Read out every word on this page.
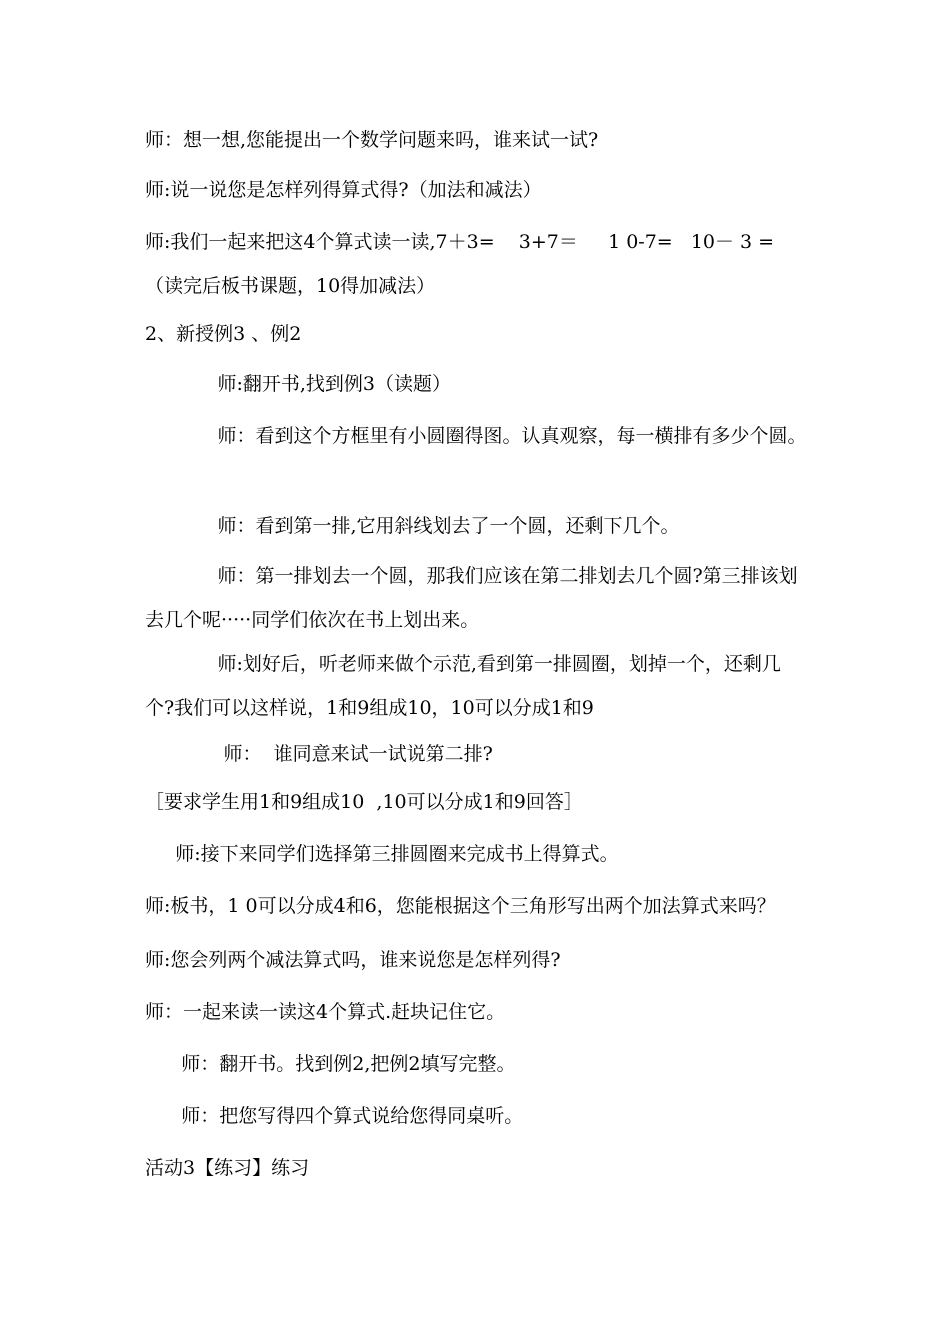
师：想一想,您能提出一个数学问题来吗，谁来试一试?

师:说一说您是怎样列得算式得?（加法和减法）

师:我们一起来把这4个算式读一读,7＋3=    3+7＝     1 0-7=   10－ 3 =（读完后板书课题，10得加减法）

2、新授例3 、例2

师:翻开书,找到例3（读题）

师：看到这个方框里有小圆圈得图。认真观察，每一横排有多少个圆。

师：看到第一排,它用斜线划去了一个圆，还剩下几个。

师：第一排划去一个圆，那我们应该在第二排划去几个圆?第三排该划去几个呢·····同学们依次在书上划出来。

师:划好后，听老师来做个示范,看到第一排圆圈，划掉一个，还剩几个?我们可以这样说，1和9组成10，10可以分成1和9

师：  谁同意来试一试说第二排?

［要求学生用1和9组成10  ,10可以分成1和9回答］

师:接下来同学们选择第三排圆圈来完成书上得算式。

师:板书，1 0可以分成4和6，您能根据这个三角形写出两个加法算式来吗？

师:您会列两个减法算式吗，谁来说您是怎样列得?

师：一起来读一读这4个算式.赶块记住它。

师：翻开书。找到例2,把例2填写完整。

师：把您写得四个算式说给您得同桌听。

活动3【练习】练习
